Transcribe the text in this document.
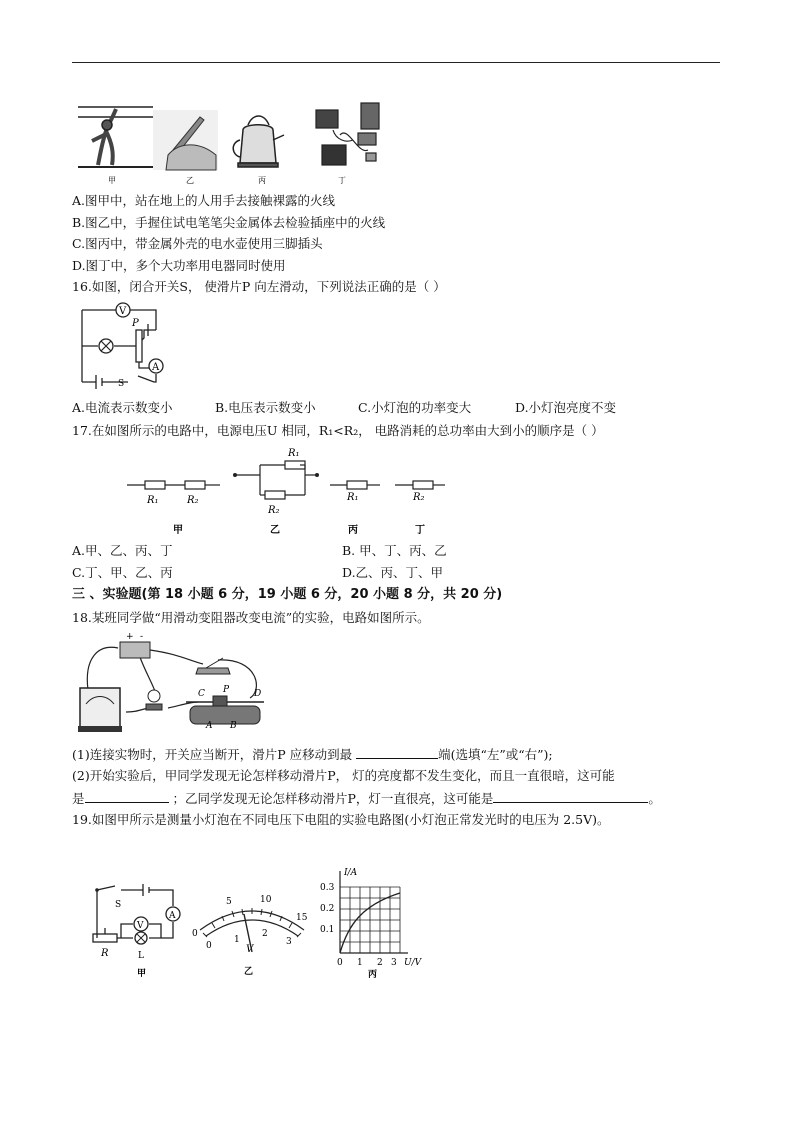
甲	乙	丙	丁
A.图甲中，站在地上的人用手去接触裸露的火线
B.图乙中，手握住试电笔笔尖金属体去检验插座中的火线
C.图丙中，带金属外壳的电水壶使用三脚插头
D.图丁中，多个大功率用电器同时使用
16.如图，闭合开关S， 使滑片P 向左滑动，下列说法正确的是（ ）
V
A
P
S
A.电流表示数变小	B.电压表示数变小	C.小灯泡的功率变大	D.小灯泡亮度不变
17.在如图所示的电路中，电源电压U 相同，R₁<R₂， 电路消耗的总功率由大到小的顺序是（ ）
R₁	R₂
R₁
R₂
R₁	R₂
甲	乙	丙	丁
A.甲、乙、丙、丁	B. 甲、丁、丙、乙
C.丁、甲、乙、丙	D.乙、丙、丁、甲
三 、实验题(第 18 小题 6 分，19 小题 6 分，20 小题 8 分，共 20 分)
18.某班同学做“用滑动变阻器改变电流”的实验，电路如图所示。
+ -
C P	D
A B
(1)连接实物时，开关应当断开，滑片P 应移动到最	端(选填“左”或“右”);
(2)开始实验后，甲同学发现无论怎样移动滑片P， 灯的亮度都不发生变化，而且一直很暗，这可能
是	；乙同学发现无论怎样移动滑片P，灯一直很亮，这可能是	。
19.如图甲所示是测量小灯泡在不同电压下电阻的实验电路图(小灯泡正常发光时的电压为 2.5V)。
S
V
A
R	L
甲
5	10
15
0
0
1
2
3
V
乙
I/A
U/V
0.3
0.2
0.1
0 1 2 3
丙
